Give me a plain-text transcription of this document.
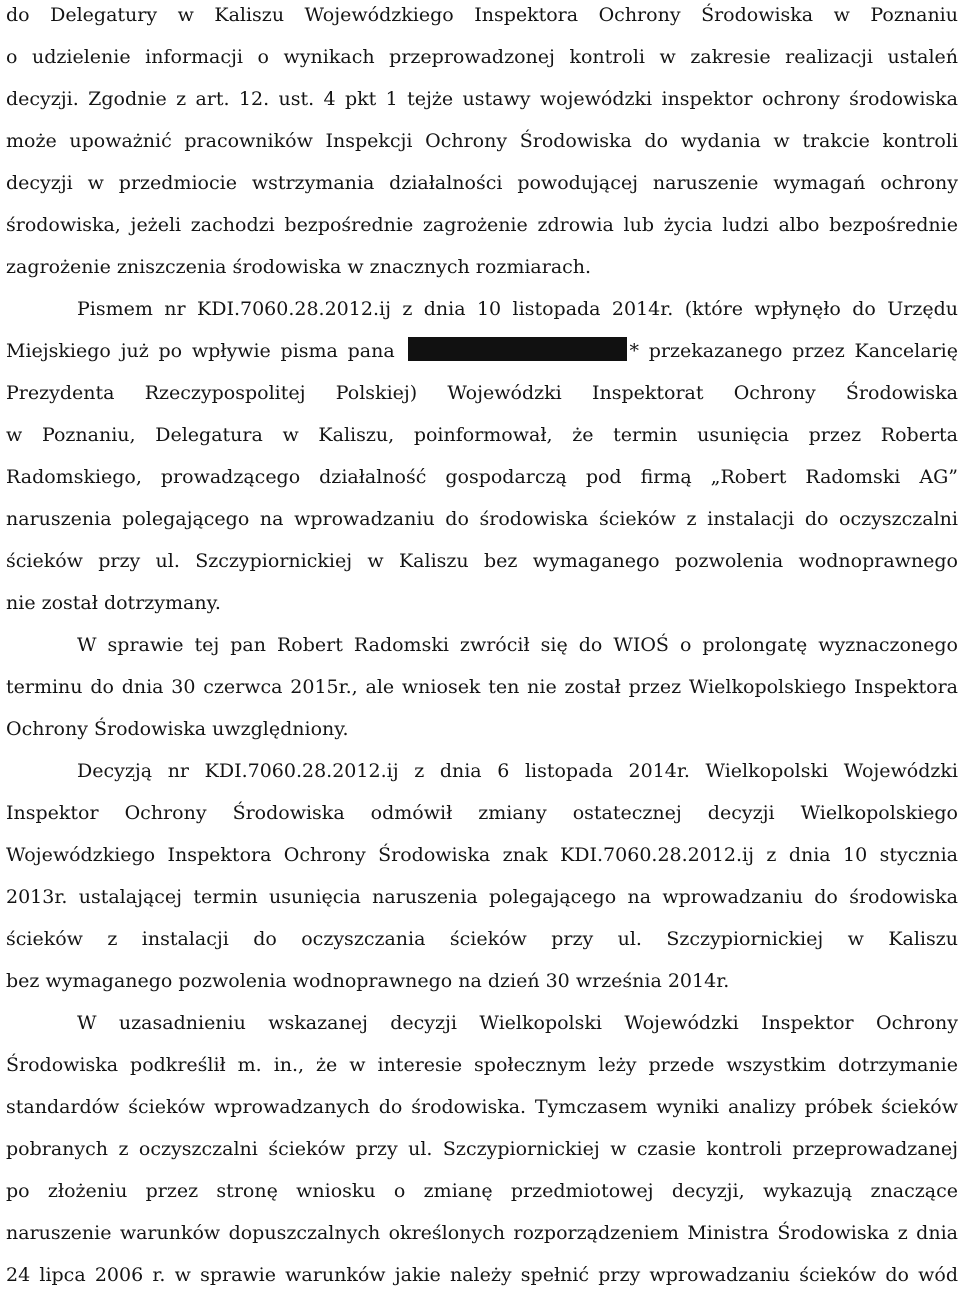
do Delegatury w Kaliszu Wojewódzkiego Inspektora Ochrony Środowiska w Poznaniu
o udzielenie informacji o wynikach przeprowadzonej kontroli w zakresie realizacji ustaleń
decyzji. Zgodnie z art. 12. ust. 4 pkt 1 tejże ustawy wojewódzki inspektor ochrony środowiska
może upoważnić pracowników Inspekcji Ochrony Środowiska do wydania w trakcie kontroli
decyzji w przedmiocie wstrzymania działalności powodującej naruszenie wymagań ochrony
środowiska, jeżeli zachodzi bezpośrednie zagrożenie zdrowia lub życia ludzi albo bezpośrednie
zagrożenie zniszczenia środowiska w znacznych rozmiarach.
Pismem nr KDI.7060.28.2012.ij z dnia 10 listopada 2014r. (które wpłynęło do Urzędu
Miejskiego już po wpływie pisma pana	* przekazanego przez Kancelarię
Prezydenta Rzeczypospolitej Polskiej) Wojewódzki Inspektorat Ochrony Środowiska
w Poznaniu, Delegatura w Kaliszu, poinformował, że termin usunięcia przez Roberta
Radomskiego, prowadzącego działalność gospodarczą pod firmą „Robert Radomski AG”
naruszenia polegającego na wprowadzaniu do środowiska ścieków z instalacji do oczyszczalni
ścieków przy ul. Szczypiornickiej w Kaliszu bez wymaganego pozwolenia wodnoprawnego
nie został dotrzymany.
W sprawie tej pan Robert Radomski zwrócił się do WIOŚ o prolongatę wyznaczonego
terminu do dnia 30 czerwca 2015r., ale wniosek ten nie został przez Wielkopolskiego Inspektora
Ochrony Środowiska uwzględniony.
Decyzją nr KDI.7060.28.2012.ij z dnia 6 listopada 2014r. Wielkopolski Wojewódzki
Inspektor Ochrony Środowiska odmówił zmiany ostatecznej decyzji Wielkopolskiego
Wojewódzkiego Inspektora Ochrony Środowiska znak KDI.7060.28.2012.ij z dnia 10 stycznia
2013r. ustalającej termin usunięcia naruszenia polegającego na wprowadzaniu do środowiska
ścieków z instalacji do oczyszczania ścieków przy ul. Szczypiornickiej w Kaliszu
bez wymaganego pozwolenia wodnoprawnego na dzień 30 września 2014r.
W uzasadnieniu wskazanej decyzji Wielkopolski Wojewódzki Inspektor Ochrony
Środowiska podkreślił m. in., że w interesie społecznym leży przede wszystkim dotrzymanie
standardów ścieków wprowadzanych do środowiska. Tymczasem wyniki analizy próbek ścieków
pobranych z oczyszczalni ścieków przy ul. Szczypiornickiej w czasie kontroli przeprowadzanej
po złożeniu przez stronę wniosku o zmianę przedmiotowej decyzji, wykazują znaczące
naruszenie warunków dopuszczalnych określonych rozporządzeniem Ministra Środowiska z dnia
24 lipca 2006 r. w sprawie warunków jakie należy spełnić przy wprowadzaniu ścieków do wód
